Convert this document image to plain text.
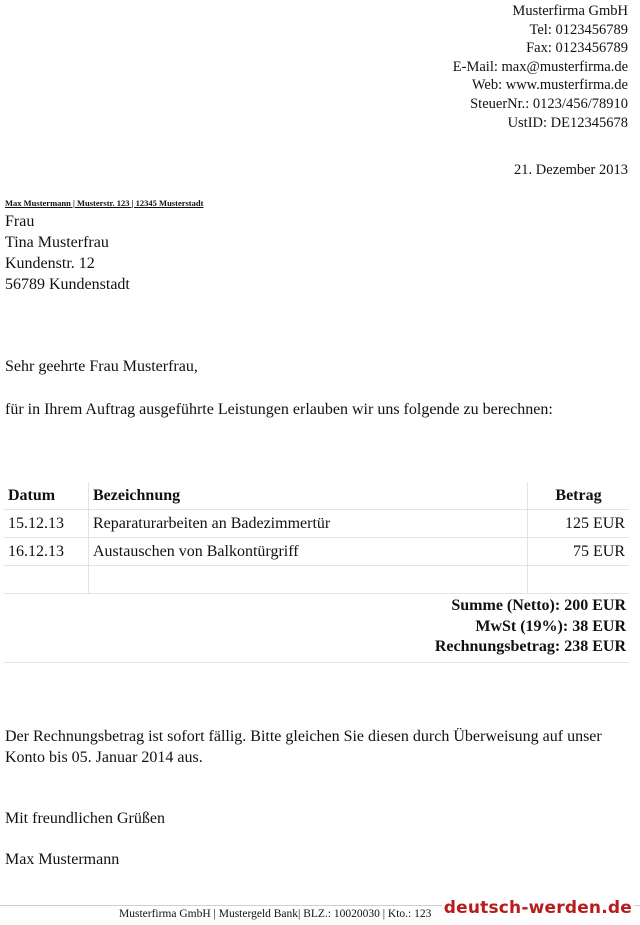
Musterfirma GmbH
Tel: 0123456789
Fax: 0123456789
E-Mail: max@musterfirma.de
Web: www.musterfirma.de
SteuerNr.: 0123/456/78910
UstID: DE12345678
21. Dezember 2013
Max Mustermann | Musterstr. 123 | 12345 Musterstadt
Frau
Tina Musterfrau
Kundenstr. 12
56789 Kundenstadt
Sehr geehrte Frau Musterfrau,
für in Ihrem Auftrag ausgeführte Leistungen erlauben wir uns folgende zu berechnen:
Datum	Bezeichnung	Betrag
15.12.13	Reparaturarbeiten an Badezimmertür	125 EUR
16.12.13	Austauschen von Balkontürgriff	75 EUR

Summe (Netto): 200 EUR
MwSt (19%): 38 EUR
Rechnungsbetrag: 238 EUR
Der Rechnungsbetrag ist sofort fällig. Bitte gleichen Sie diesen durch Überweisung auf unser Konto bis 05. Januar 2014 aus.
Mit freundlichen Grüßen
Max Mustermann
Musterfirma GmbH | Mustergeld Bank| BLZ.: 10020030 | Kto.: 123 deutsch-werden.de
